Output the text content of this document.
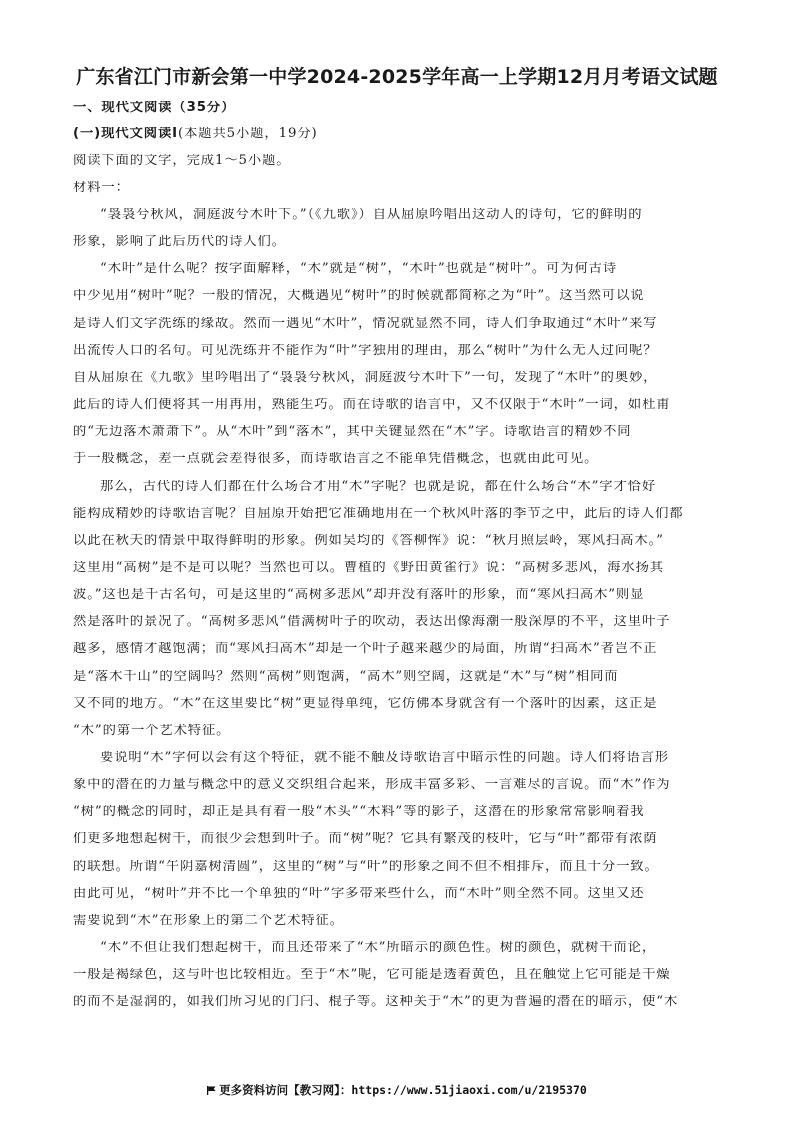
广东省江门市新会第一中学2024-2025学年高一上学期12月月考语文试题
一、现代文阅读（35分）
(一)现代文阅读Ⅰ(本题共5小题，19分)
阅读下面的文字，完成1～5小题。
材料一：
“袅袅兮秋风，洞庭波兮木叶下。”（《九歌》）自从屈原吟唱出这动人的诗句，它的鲜明的
形象，影响了此后历代的诗人们。
“木叶”是什么呢？按字面解释，“木”就是“树”，“木叶”也就是“树叶”。可为何古诗
中少见用“树叶”呢？一般的情况，大概遇见“树叶”的时候就都简称之为“叶”。这当然可以说
是诗人们文字洗练的缘故。然而一遇见“木叶”，情况就显然不同，诗人们争取通过“木叶”来写
出流传人口的名句。可见洗练并不能作为“叶”字独用的理由，那么“树叶”为什么无人过问呢？
自从屈原在《九歌》里吟唱出了“袅袅兮秋风，洞庭波兮木叶下”一句，发现了“木叶”的奥妙，
此后的诗人们便将其一用再用，熟能生巧。而在诗歌的语言中，又不仅限于“木叶”一词，如杜甫
的“无边落木萧萧下”。从“木叶”到“落木”，其中关键显然在“木”字。诗歌语言的精妙不同
于一般概念，差一点就会差得很多，而诗歌语言之不能单凭借概念，也就由此可见。
那么，古代的诗人们都在什么场合才用“木”字呢？也就是说，都在什么场合“木”字才恰好
能构成精妙的诗歌语言呢？自屈原开始把它准确地用在一个秋风叶落的季节之中，此后的诗人们都
以此在秋天的情景中取得鲜明的形象。例如吴均的《答柳恽》说：“秋月照层岭，寒风扫高木。”
这里用“高树”是不是可以呢？当然也可以。曹植的《野田黄雀行》说：“高树多悲风，海水扬其
波。”这也是千古名句，可是这里的“高树多悲风”却并没有落叶的形象，而“寒风扫高木”则显
然是落叶的景况了。“高树多悲风”借满树叶子的吹动，表达出像海潮一般深厚的不平，这里叶子
越多，感情才越饱满；而“寒风扫高木”却是一个叶子越来越少的局面，所谓“扫高木”者岂不正
是“落木千山”的空阔吗？然则“高树”则饱满，“高木”则空阔，这就是“木”与“树”相同而
又不同的地方。“木”在这里要比“树”更显得单纯，它仿佛本身就含有一个落叶的因素，这正是
“木”的第一个艺术特征。
要说明“木”字何以会有这个特征，就不能不触及诗歌语言中暗示性的问题。诗人们将语言形
象中的潜在的力量与概念中的意义交织组合起来，形成丰富多彩、一言难尽的言说。而“木”作为
“树”的概念的同时，却正是具有着一般“木头”“木料”等的影子，这潜在的形象常常影响着我
们更多地想起树干，而很少会想到叶子。而“树”呢？它具有繁茂的枝叶，它与“叶”都带有浓荫
的联想。所谓“午阴嘉树清圆”，这里的“树”与“叶”的形象之间不但不相排斥，而且十分一致。
由此可见，“树叶”并不比一个单独的“叶”字多带来些什么，而“木叶”则全然不同。这里又还
需要说到“木”在形象上的第二个艺术特征。
“木”不但让我们想起树干，而且还带来了“木”所暗示的颜色性。树的颜色，就树干而论，
一般是褐绿色，这与叶也比较相近。至于“木”呢，它可能是透着黄色，且在触觉上它可能是干燥
的而不是湿润的，如我们所习见的门闩、棍子等。这种关于“木”的更为普遍的潜在的暗示，使“木
更多资料访问【教习网】：https://www.51jiaoxi.com/u/2195370
